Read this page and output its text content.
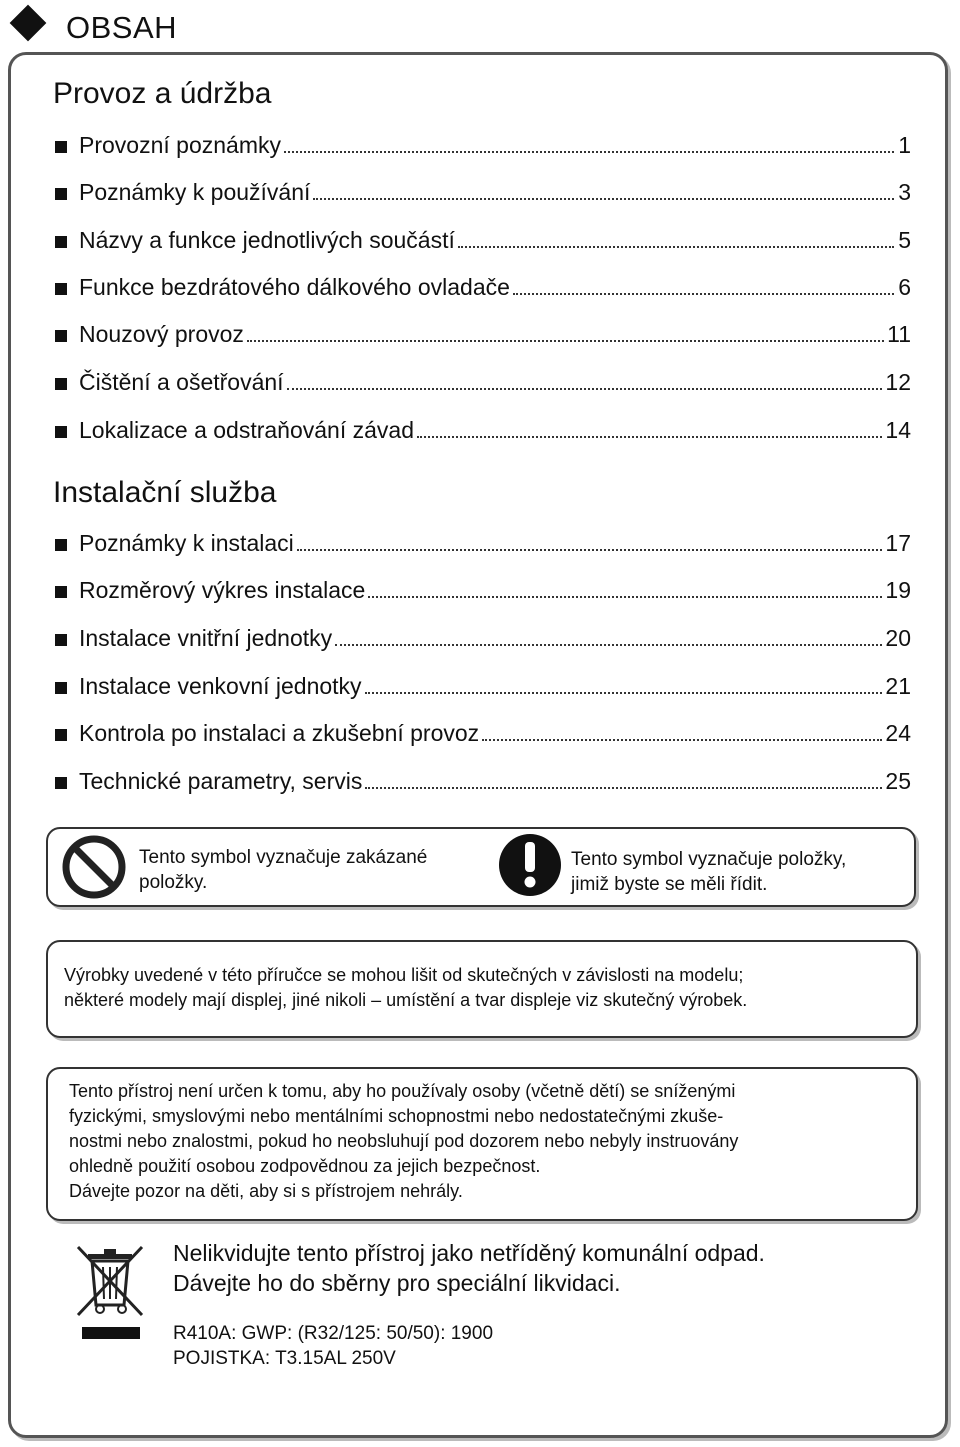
OBSAH
Provoz a údržba
Provozní poznámky	1
Poznámky k používání	3
Názvy a funkce jednotlivých součástí	5
Funkce bezdrátového dálkového ovladače	6
Nouzový provoz	11
Čištění a ošetřování	12
Lokalizace a odstraňování závad	14
Instalační služba
Poznámky k instalaci	17
Rozměrový výkres instalace	19
Instalace vnitřní jednotky	20
Instalace venkovní jednotky	21
Kontrola po instalaci a zkušební provoz	24
Technické parametry, servis	25
Tento symbol vyznačuje zakázané
položky.
Tento symbol vyznačuje položky,
jimiž byste se měli řídit.
Výrobky uvedené v této příručce se mohou lišit od skutečných v závislosti na modelu;
některé modely mají displej, jiné nikoli – umístění a tvar displeje viz skutečný výrobek.
Tento přístroj není určen k tomu, aby ho používaly osoby (včetně dětí) se sníženými
fyzickými, smyslovými nebo mentálními schopnostmi nebo nedostatečnými zkuše-
nostmi nebo znalostmi, pokud ho neobsluhují pod dozorem nebo nebyly instruovány
ohledně použití osobou zodpovědnou za jejich bezpečnost.
Dávejte pozor na děti, aby si s přístrojem nehrály.
Nelikvidujte tento přístroj jako netříděný komunální odpad.
Dávejte ho do sběrny pro speciální likvidaci.
R410A: GWP: (R32/125: 50/50): 1900
POJISTKA: T3.15AL 250V
